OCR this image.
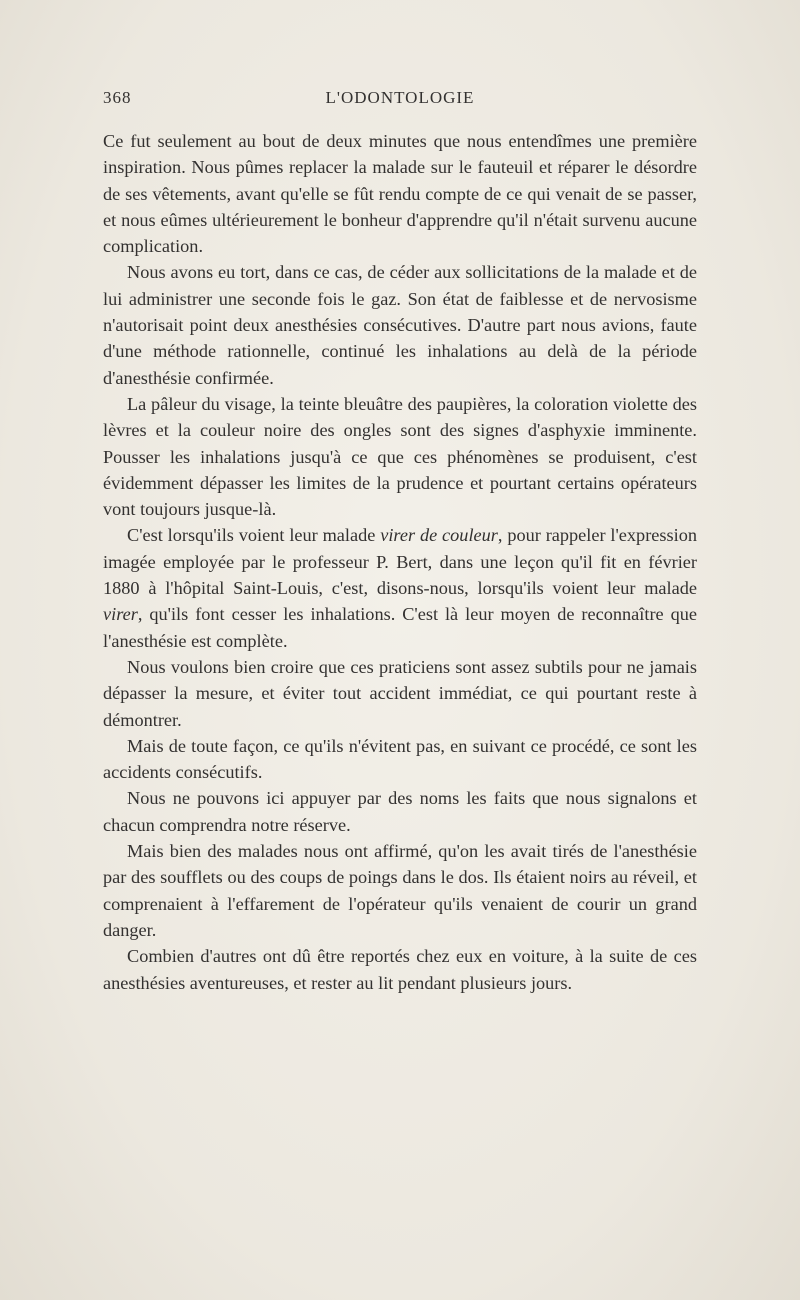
368	L'ODONTOLOGIE

Ce fut seulement au bout de deux minutes que nous entendîmes une première inspiration. Nous pûmes replacer la malade sur le fauteuil et réparer le désordre de ses vêtements, avant qu'elle se fût rendu compte de ce qui venait de se passer, et nous eûmes ultérieurement le bonheur d'apprendre qu'il n'était survenu aucune complication.

Nous avons eu tort, dans ce cas, de céder aux sollicitations de la malade et de lui administrer une seconde fois le gaz. Son état de faiblesse et de nervosisme n'autorisait point deux anesthésies consécutives. D'autre part nous avions, faute d'une méthode rationnelle, continué les inhalations au delà de la période d'anesthésie confirmée.

La pâleur du visage, la teinte bleuâtre des paupières, la coloration violette des lèvres et la couleur noire des ongles sont des signes d'asphyxie imminente. Pousser les inhalations jusqu'à ce que ces phénomènes se produisent, c'est évidemment dépasser les limites de la prudence et pourtant certains opérateurs vont toujours jusque-là.

C'est lorsqu'ils voient leur malade virer de couleur, pour rappeler l'expression imagée employée par le professeur P. Bert, dans une leçon qu'il fit en février 1880 à l'hôpital Saint-Louis, c'est, disons-nous, lorsqu'ils voient leur malade virer, qu'ils font cesser les inhalations. C'est là leur moyen de reconnaître que l'anesthésie est complète.

Nous voulons bien croire que ces praticiens sont assez subtils pour ne jamais dépasser la mesure, et éviter tout accident immédiat, ce qui pourtant reste à démontrer.

Mais de toute façon, ce qu'ils n'évitent pas, en suivant ce procédé, ce sont les accidents consécutifs.

Nous ne pouvons ici appuyer par des noms les faits que nous signalons et chacun comprendra notre réserve.

Mais bien des malades nous ont affirmé, qu'on les avait tirés de l'anesthésie par des soufflets ou des coups de poings dans le dos. Ils étaient noirs au réveil, et comprenaient à l'effarement de l'opérateur qu'ils venaient de courir un grand danger.

Combien d'autres ont dû être reportés chez eux en voiture, à la suite de ces anesthésies aventureuses, et rester au lit pendant plusieurs jours.
